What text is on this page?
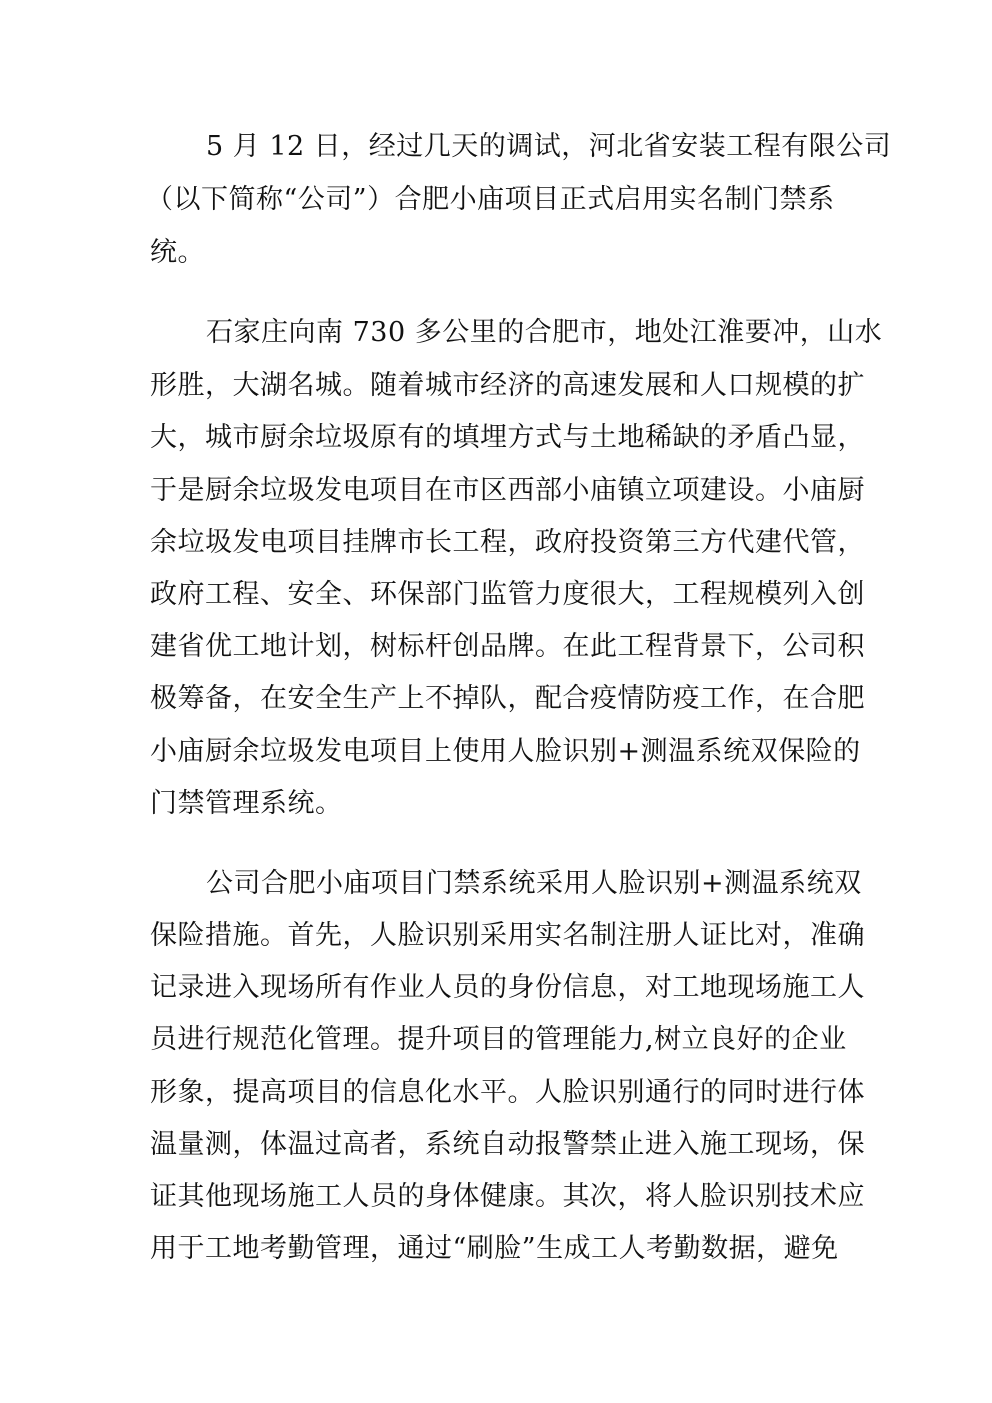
5 月 12 日，经过几天的调试，河北省安装工程有限公司
（以下简称“公司”）合肥小庙项目正式启用实名制门禁系
统。
石家庄向南 730 多公里的合肥市，地处江淮要冲，山水
形胜，大湖名城。随着城市经济的高速发展和人口规模的扩
大，城市厨余垃圾原有的填埋方式与土地稀缺的矛盾凸显，
于是厨余垃圾发电项目在市区西部小庙镇立项建设。小庙厨
余垃圾发电项目挂牌市长工程，政府投资第三方代建代管，
政府工程、安全、环保部门监管力度很大，工程规模列入创
建省优工地计划，树标杆创品牌。在此工程背景下，公司积
极筹备，在安全生产上不掉队，配合疫情防疫工作，在合肥
小庙厨余垃圾发电项目上使用人脸识别+测温系统双保险的
门禁管理系统。
公司合肥小庙项目门禁系统采用人脸识别+测温系统双
保险措施。首先，人脸识别采用实名制注册人证比对，准确
记录进入现场所有作业人员的身份信息，对工地现场施工人
员进行规范化管理。提升项目的管理能力,树立良好的企业
形象，提高项目的信息化水平。人脸识别通行的同时进行体
温量测，体温过高者，系统自动报警禁止进入施工现场，保
证其他现场施工人员的身体健康。其次，将人脸识别技术应
用于工地考勤管理，通过“刷脸”生成工人考勤数据，避免
